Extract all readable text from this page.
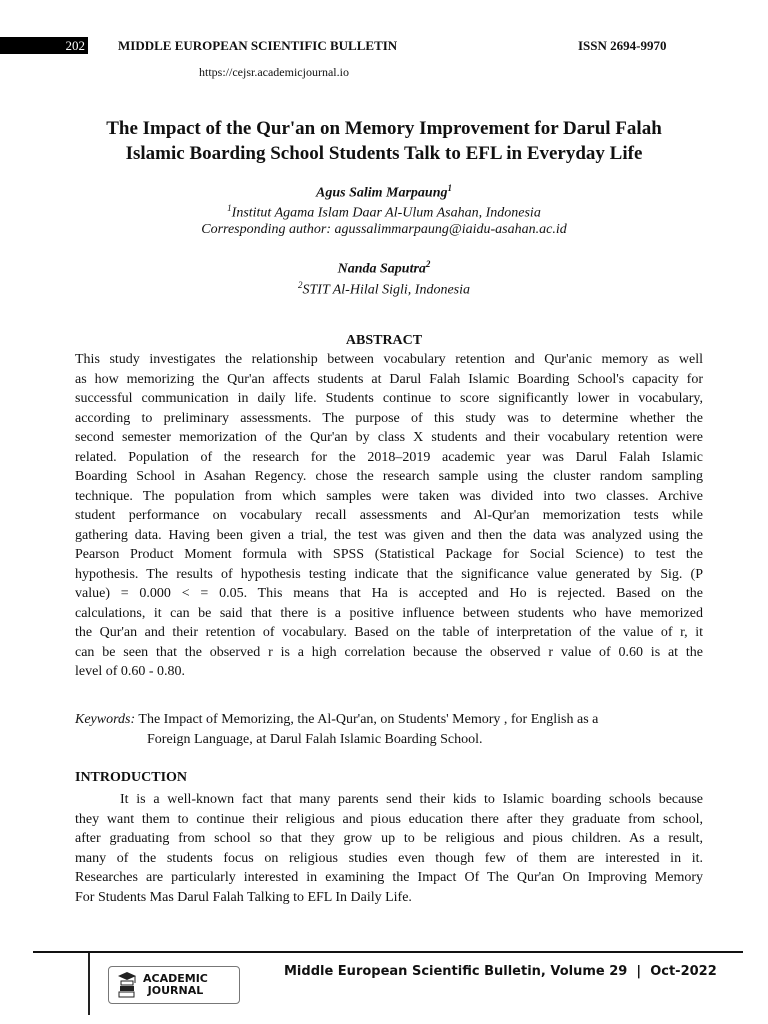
202	MIDDLE EUROPEAN SCIENTIFIC BULLETIN	ISSN 2694-9970
https://cejsr.academicjournal.io
The Impact of the Qur'an on Memory Improvement for Darul Falah
Islamic Boarding School Students Talk to EFL in Everyday Life
Agus Salim Marpaung$^1$
$^1$Institut Agama Islam Daar Al-Ulum Asahan, Indonesia
Corresponding author: agussalimmarpaung@iaidu-asahan.ac.id
Nanda Saputra$^2$
$^2$STIT Al-Hilal Sigli, Indonesia
ABSTRACT
This study investigates the relationship between vocabulary retention and Qur'anic memory as well
as how memorizing the Qur'an affects students at Darul Falah Islamic Boarding School's capacity for
successful communication in daily life. Students continue to score significantly lower in vocabulary,
according to preliminary assessments. The purpose of this study was to determine whether the
second semester memorization of the Qur'an by class X students and their vocabulary retention were
related. Population of the research for the 2018–2019 academic year was Darul Falah Islamic
Boarding School in Asahan Regency. chose the research sample using the cluster random sampling
technique. The population from which samples were taken was divided into two classes. Archive
student performance on vocabulary recall assessments and Al-Qur'an memorization tests while
gathering data. Having been given a trial, the test was given and then the data was analyzed using the
Pearson Product Moment formula with SPSS (Statistical Package for Social Science) to test the
hypothesis. The results of hypothesis testing indicate that the significance value generated by Sig. (P
value) = 0.000 < = 0.05. This means that Ha is accepted and Ho is rejected. Based on the
calculations, it can be said that there is a positive influence between students who have memorized
the Qur'an and their retention of vocabulary. Based on the table of interpretation of the value of r, it
can be seen that the observed r is a high correlation because the observed r value of 0.60 is at the
level of 0.60 - 0.80.
Keywords: The Impact of Memorizing, the Al-Qur'an, on Students' Memory , for English as a
Foreign Language, at Darul Falah Islamic Boarding School.
INTRODUCTION
It is a well-known fact that many parents send their kids to Islamic boarding schools because
they want them to continue their religious and pious education there after they graduate from school,
after graduating from school so that they grow up to be religious and pious children. As a result,
many of the students focus on religious studies even though few of them are interested in it.
Researches are particularly interested in examining the Impact Of The Qur'an On Improving Memory
For Students Mas Darul Falah Talking to EFL In Daily Life.
ACADEMIC
JOURNAL
Middle European Scientific Bulletin, Volume 29  |  Oct-2022
